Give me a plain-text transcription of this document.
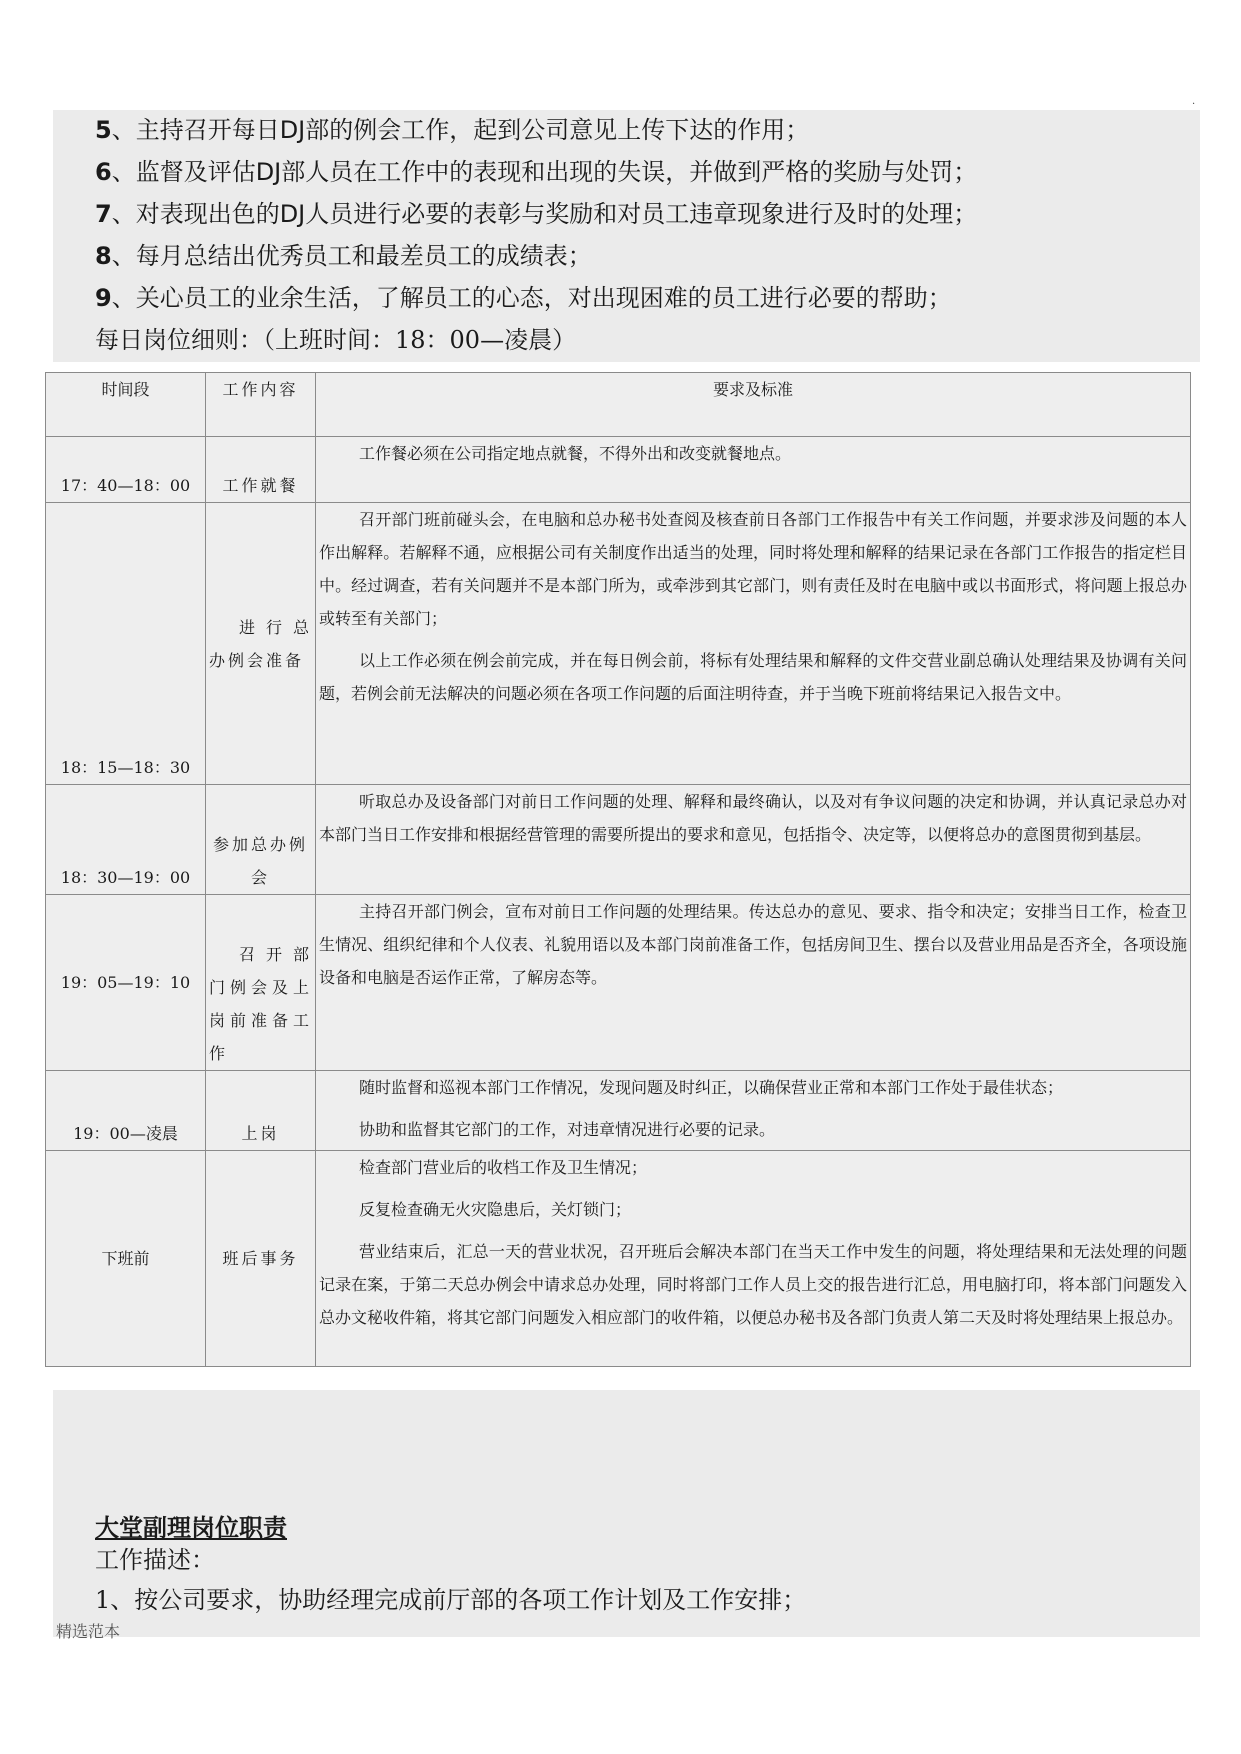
.
5、主持召开每日DJ部的例会工作，起到公司意见上传下达的作用；
6、监督及评估DJ部人员在工作中的表现和出现的失误，并做到严格的奖励与处罚；
7、对表现出色的DJ人员进行必要的表彰与奖励和对员工违章现象进行及时的处理；
8、每月总结出优秀员工和最差员工的成绩表；
9、关心员工的业余生活，了解员工的心态，对出现困难的员工进行必要的帮助；
每日岗位细则：（上班时间：18：00—凌晨）
时间段	工作内容	要求及标准
17：40—18：00	工作就餐	工作餐必须在公司指定地点就餐，不得外出和改变就餐地点。

18：15—18：30	进行总办例会准备	召开部门班前碰头会，在电脑和总办秘书处查阅及核查前日各部门工作报告中有关工作问题，并要求涉及问题的本人作出解释。若解释不通，应根据公司有关制度作出适当的处理，同时将处理和解释的结果记录在各部门工作报告的指定栏目中。经过调查，若有关问题并不是本部门所为，或牵涉到其它部门，则有责任及时在电脑中或以书面形式，将问题上报总办或转至有关部门；

以上工作必须在例会前完成，并在每日例会前，将标有处理结果和解释的文件交营业副总确认处理结果及协调有关问题，若例会前无法解决的问题必须在各项工作问题的后面注明待查，并于当晚下班前将结果记入报告文中。

18：30—19：00	参加总办例会	听取总办及设备部门对前日工作问题的处理、解释和最终确认，以及对有争议问题的决定和协调，并认真记录总办对本部门当日工作安排和根据经营管理的需要所提出的要求和意见，包括指令、决定等，以便将总办的意图贯彻到基层。

19：05—19：10	召开部门例会及上岗前准备工作	主持召开部门例会，宣布对前日工作问题的处理结果。传达总办的意见、要求、指令和决定；安排当日工作，检查卫生情况、组织纪律和个人仪表、礼貌用语以及本部门岗前准备工作，包括房间卫生、摆台以及营业用品是否齐全，各项设施设备和电脑是否运作正常，了解房态等。

19：00—凌晨	上岗	随时监督和巡视本部门工作情况，发现问题及时纠正，以确保营业正常和本部门工作处于最佳状态；

协助和监督其它部门的工作，对违章情况进行必要的记录。

下班前	班后事务	检查部门营业后的收档工作及卫生情况；

反复检查确无火灾隐患后，关灯锁门；

营业结束后，汇总一天的营业状况，召开班后会解决本部门在当天工作中发生的问题，将处理结果和无法处理的问题记录在案，于第二天总办例会中请求总办处理，同时将部门工作人员上交的报告进行汇总，用电脑打印，将本部门问题发入总办文秘收件箱，将其它部门问题发入相应部门的收件箱，以便总办秘书及各部门负责人第二天及时将处理结果上报总办。

大堂副理岗位职责
工作描述：
1、按公司要求，协助经理完成前厅部的各项工作计划及工作安排；
精选范本
